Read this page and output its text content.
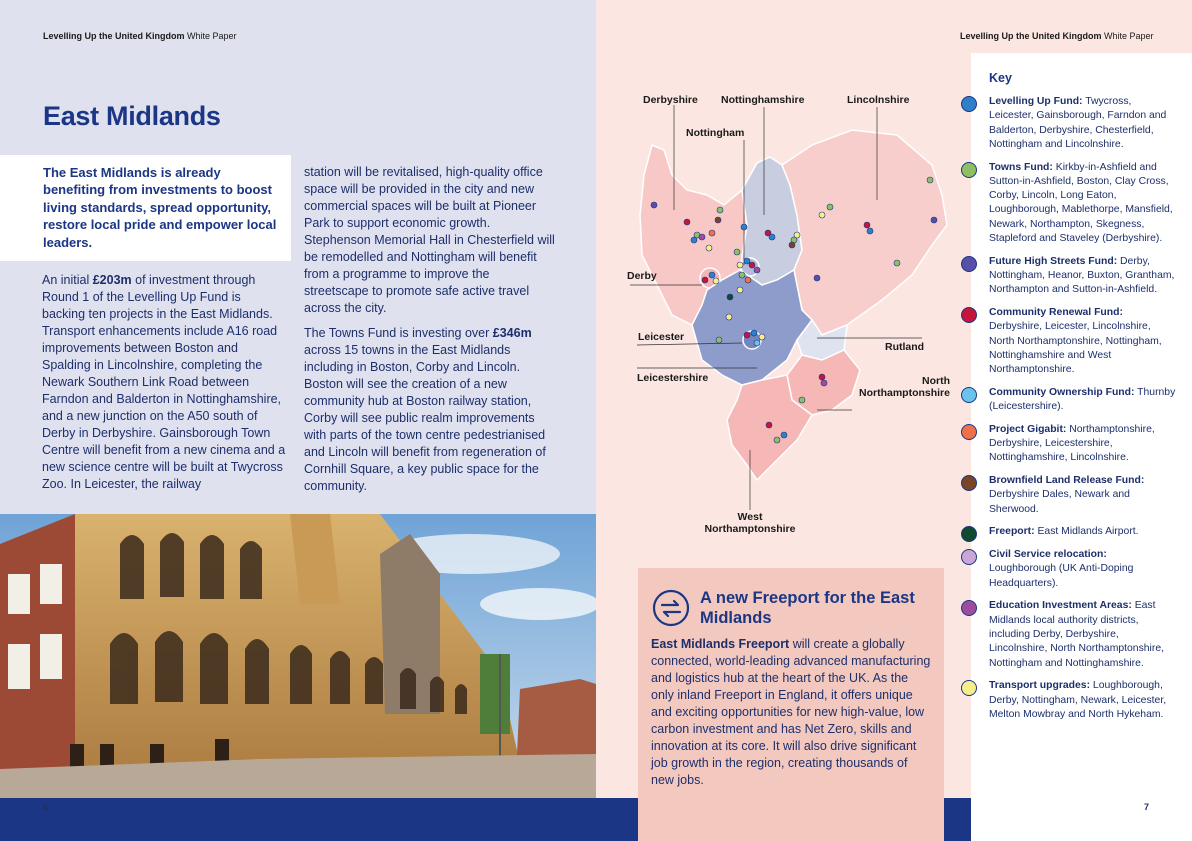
Levelling Up the United Kingdom White Paper	Levelling Up the United Kingdom White Paper
East Midlands

The East Midlands is already benefiting from investments to boost living standards, spread opportunity, restore local pride and empower local leaders.

An initial £203m of investment through Round 1 of the Levelling Up Fund is backing ten projects in the East Midlands. Transport enhancements include A16 road improvements between Boston and Spalding in Lincolnshire, completing the Newark Southern Link Road between Farndon and Balderton in Nottinghamshire, and a new junction on the A50 south of Derby in Derbyshire. Gainsborough Town Centre will benefit from a new cinema and a new science centre will be built at Twycross Zoo. In Leicester, the railway

station will be revitalised, high-quality office space will be provided in the city and new commercial spaces will be built at Pioneer Park to support economic growth. Stephenson Memorial Hall in Chesterfield will be remodelled and Nottingham will benefit from a programme to improve the streetscape to promote safe active travel across the city.

The Towns Fund is investing over £346m across 15 towns in the East Midlands including in Boston, Corby and Lincoln. Boston will see the creation of a new community hub at Boston railway station, Corby will see public realm improvements with parts of the town centre pedestrianised and Lincoln will benefit from regeneration of Cornhill Square, a key public space for the community.

6
Derbyshire Nottinghamshire	Lincolnshire
Nottingham
Derby
Leicester
Rutland
Leicestershire	North Northamptonshire
West Northamptonshire
A new Freeport for the East Midlands

East Midlands Freeport will create a globally connected, world-leading advanced manufacturing and logistics hub at the heart of the UK. As the only inland Freeport in England, it offers unique and exciting opportunities for new high-value, low carbon investment and has Net Zero, skills and innovation at its core. It will also drive significant job growth in the region, creating thousands of new jobs.

Key
Levelling Up Fund: Twycross, Leicester, Gainsborough, Farndon and Balderton, Derbyshire, Chesterfield, Nottingham and Lincolnshire.
Towns Fund: Kirkby-in-Ashfield and Sutton-in-Ashfield, Boston, Clay Cross, Corby, Lincoln, Long Eaton, Loughborough, Mablethorpe, Mansfield, Newark, Northampton, Skegness, Stapleford and Staveley (Derbyshire).
Future High Streets Fund: Derby, Nottingham, Heanor, Buxton, Grantham, Northampton and Sutton-in-Ashfield.
Community Renewal Fund: Derbyshire, Leicester, Lincolnshire, North Northamptonshire, Nottingham, Nottinghamshire and West Northamptonshire.
Community Ownership Fund: Thurnby (Leicestershire).
Project Gigabit: Northamptonshire, Derbyshire, Leicestershire, Nottinghamshire, Lincolnshire.
Brownfield Land Release Fund: Derbyshire Dales, Newark and Sherwood.
Freeport: East Midlands Airport.
Civil Service relocation: Loughborough (UK Anti-Doping Headquarters).
Education Investment Areas: East Midlands local authority districts, including Derby, Derbyshire, Lincolnshire, North Northamptonshire, Nottingham and Nottinghamshire.
Transport upgrades: Loughborough, Derby, Nottingham, Newark, Leicester, Melton Mowbray and North Hykeham.
7
